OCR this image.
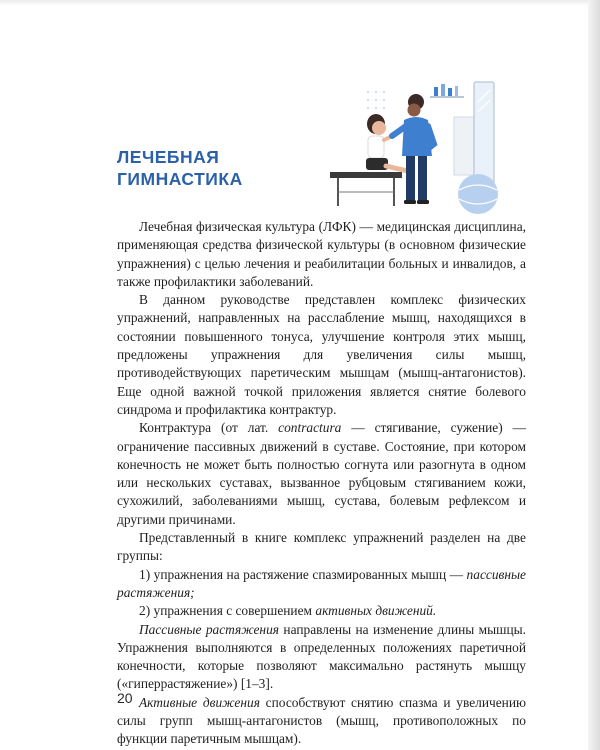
ЛЕЧЕБНАЯ
ГИМНАСТИКА

Лечебная физическая культура (ЛФК) — медицинская дисциплина, применяющая средства физической культуры (в основном физические упражнения) с целью лечения и реабилитации больных и инвалидов, а также профилактики заболеваний.

В данном руководстве представлен комплекс физических упражнений, направленных на расслабление мышц, находящихся в состоянии повышенного тонуса, улучшение контроля этих мышц, предложены упражнения для увеличения силы мышц, противодействующих паретическим мышцам (мышц-антагонистов). Еще одной важной точкой приложения является снятие болевого синдрома и профилактика контрактур.

Контрактура (от лат. contractura — стягивание, сужение) — ограничение пассивных движений в суставе. Состояние, при котором конечность не может быть полностью согнута или разогнута в одном или нескольких суставах, вызванное рубцовым стягиванием кожи, сухожилий, заболеваниями мышц, сустава, болевым рефлексом и другими причинами.

Представленный в книге комплекс упражнений разделен на две группы:

1) упражнения на растяжение спазмированных мышц — пассивные растяжения;

2) упражнения с совершением активных движений.

Пассивные растяжения направлены на изменение длины мышцы. Упражнения выполняются в определенных положениях паретичной конечности, которые позволяют максимально растянуть мышцу («гиперрастяжение») [1–3].

Активные движения способствуют снятию спазма и увеличению силы групп мышц-антагонистов (мышц, противоположных по функции паретичным мышцам).

20
